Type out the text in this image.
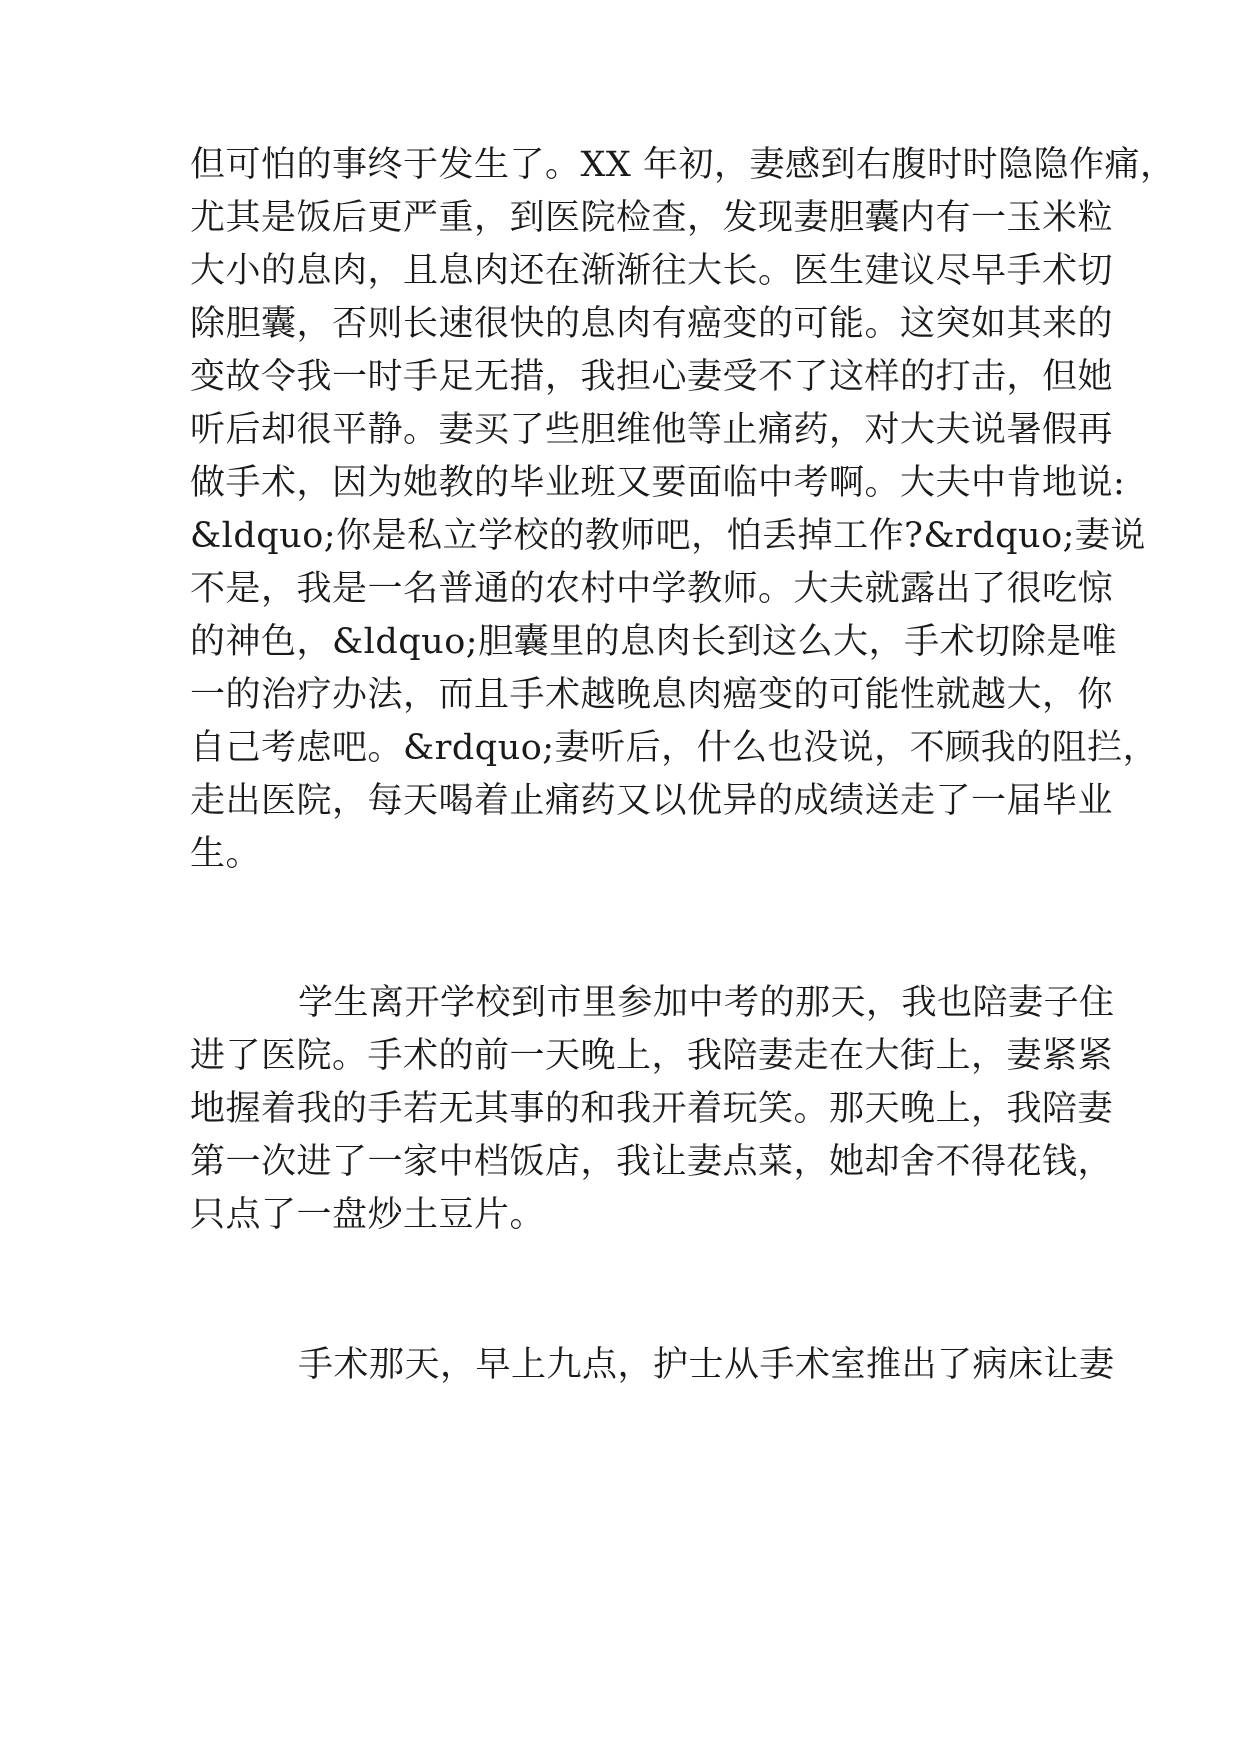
但可怕的事终于发生了。XX 年初，妻感到右腹时时隐隐作痛，
尤其是饭后更严重，到医院检查，发现妻胆囊内有一玉米粒
大小的息肉，且息肉还在渐渐往大长。医生建议尽早手术切
除胆囊，否则长速很快的息肉有癌变的可能。这突如其来的
变故令我一时手足无措，我担心妻受不了这样的打击，但她
听后却很平静。妻买了些胆维他等止痛药，对大夫说暑假再
做手术，因为她教的毕业班又要面临中考啊。大夫中肯地说:
&ldquo;你是私立学校的教师吧，怕丢掉工作?&rdquo;妻说
不是，我是一名普通的农村中学教师。大夫就露出了很吃惊
的神色，&ldquo;胆囊里的息肉长到这么大，手术切除是唯
一的治疗办法，而且手术越晚息肉癌变的可能性就越大，你
自己考虑吧。&rdquo;妻听后，什么也没说，不顾我的阻拦，
走出医院，每天喝着止痛药又以优异的成绩送走了一届毕业
生。
学生离开学校到市里参加中考的那天，我也陪妻子住
进了医院。手术的前一天晚上，我陪妻走在大街上，妻紧紧
地握着我的手若无其事的和我开着玩笑。那天晚上，我陪妻
第一次进了一家中档饭店，我让妻点菜，她却舍不得花钱，
只点了一盘炒土豆片。
手术那天，早上九点，护士从手术室推出了病床让妻
